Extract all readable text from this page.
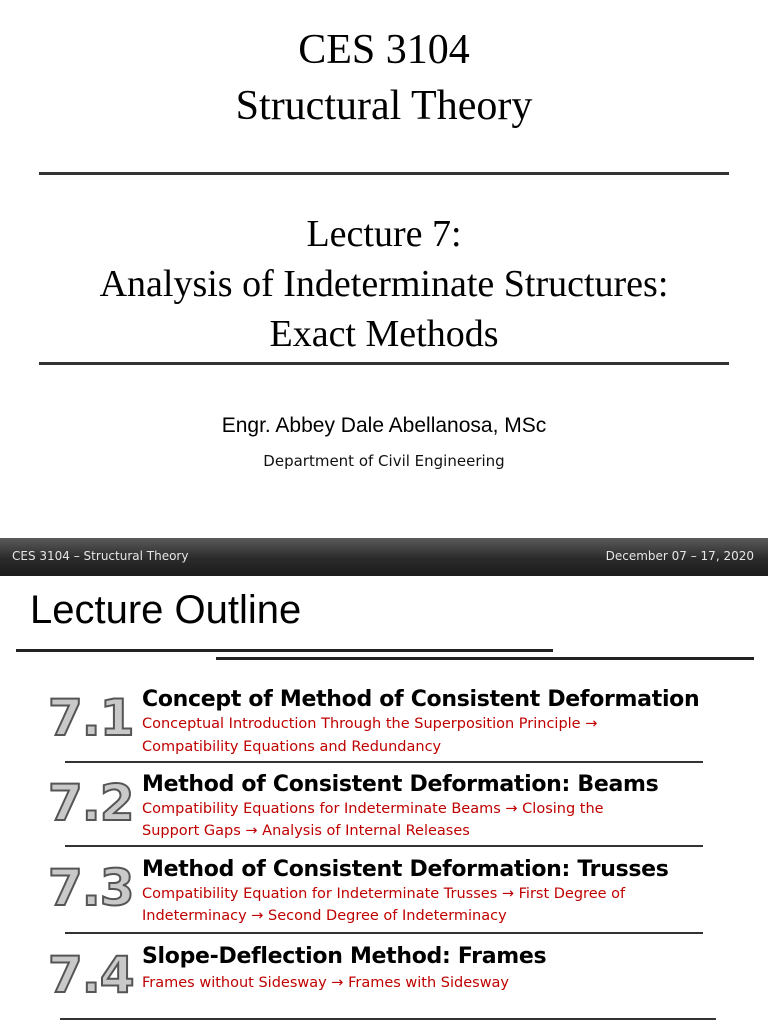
CES 3104
Structural Theory
Lecture 7:
Analysis of Indeterminate Structures:
Exact Methods
Engr. Abbey Dale Abellanosa, MSc
Department of Civil Engineering
CES 3104 – Structural Theory	December 07 – 17, 2020
Lecture Outline
7.1 Concept of Method of Consistent Deformation
Conceptual Introduction Through the Superposition Principle →
Compatibility Equations and Redundancy
7.2 Method of Consistent Deformation: Beams
Compatibility Equations for Indeterminate Beams → Closing the
Support Gaps → Analysis of Internal Releases
7.3 Method of Consistent Deformation: Trusses
Compatibility Equation for Indeterminate Trusses → First Degree of
Indeterminacy → Second Degree of Indeterminacy
7.4 Slope-Deflection Method: Frames
Frames without Sidesway → Frames with Sidesway
